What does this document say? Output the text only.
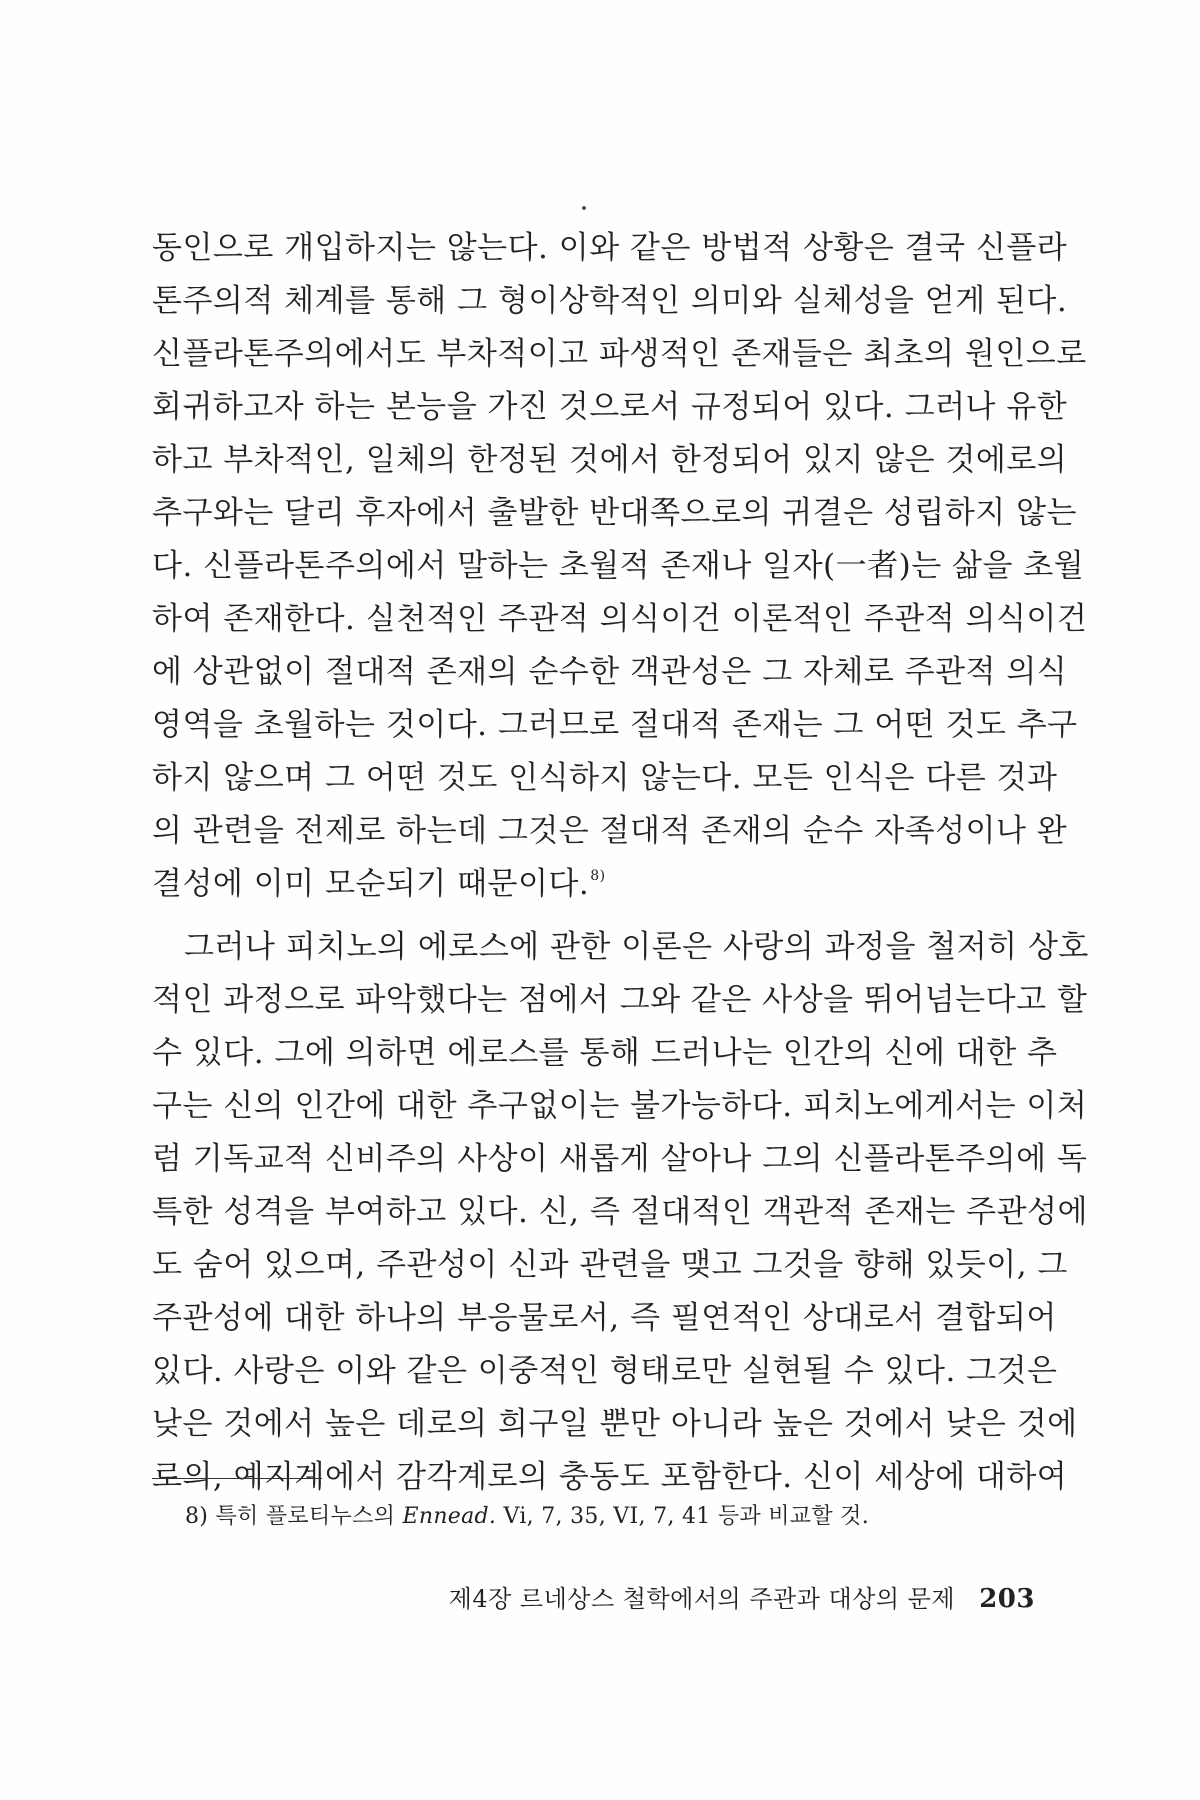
동인으로 개입하지는 않는다. 이와 같은 방법적 상황은 결국 신플라
톤주의적 체계를 통해 그 형이상학적인 의미와 실체성을 얻게 된다.
신플라톤주의에서도 부차적이고 파생적인 존재들은 최초의 원인으로
회귀하고자 하는 본능을 가진 것으로서 규정되어 있다. 그러나 유한
하고 부차적인, 일체의 한정된 것에서 한정되어 있지 않은 것에로의
추구와는 달리 후자에서 출발한 반대쪽으로의 귀결은 성립하지 않는
다. 신플라톤주의에서 말하는 초월적 존재나 일자(一者)는 삶을 초월
하여 존재한다. 실천적인 주관적 의식이건 이론적인 주관적 의식이건
에 상관없이 절대적 존재의 순수한 객관성은 그 자체로 주관적 의식
영역을 초월하는 것이다. 그러므로 절대적 존재는 그 어떤 것도 추구
하지 않으며 그 어떤 것도 인식하지 않는다. 모든 인식은 다른 것과
의 관련을 전제로 하는데 그것은 절대적 존재의 순수 자족성이나 완
결성에 이미 모순되기 때문이다.$^{8)}$
그러나 피치노의 에로스에 관한 이론은 사랑의 과정을 철저히 상호
적인 과정으로 파악했다는 점에서 그와 같은 사상을 뛰어넘는다고 할
수 있다. 그에 의하면 에로스를 통해 드러나는 인간의 신에 대한 추
구는 신의 인간에 대한 추구없이는 불가능하다. 피치노에게서는 이처
럼 기독교적 신비주의 사상이 새롭게 살아나 그의 신플라톤주의에 독
특한 성격을 부여하고 있다. 신, 즉 절대적인 객관적 존재는 주관성에
도 숨어 있으며, 주관성이 신과 관련을 맺고 그것을 향해 있듯이, 그
주관성에 대한 하나의 부응물로서, 즉 필연적인 상대로서 결합되어
있다. 사랑은 이와 같은 이중적인 형태로만 실현될 수 있다. 그것은
낮은 것에서 높은 데로의 희구일 뿐만 아니라 높은 것에서 낮은 것에
로의, 예지계에서 감각계로의 충동도 포함한다. 신이 세상에 대하여
8) 특히 플로티누스의 Ennead. Vi, 7, 35, VI, 7, 41 등과 비교할 것.
제4장 르네상스 철학에서의 주관과 대상의 문제 203
